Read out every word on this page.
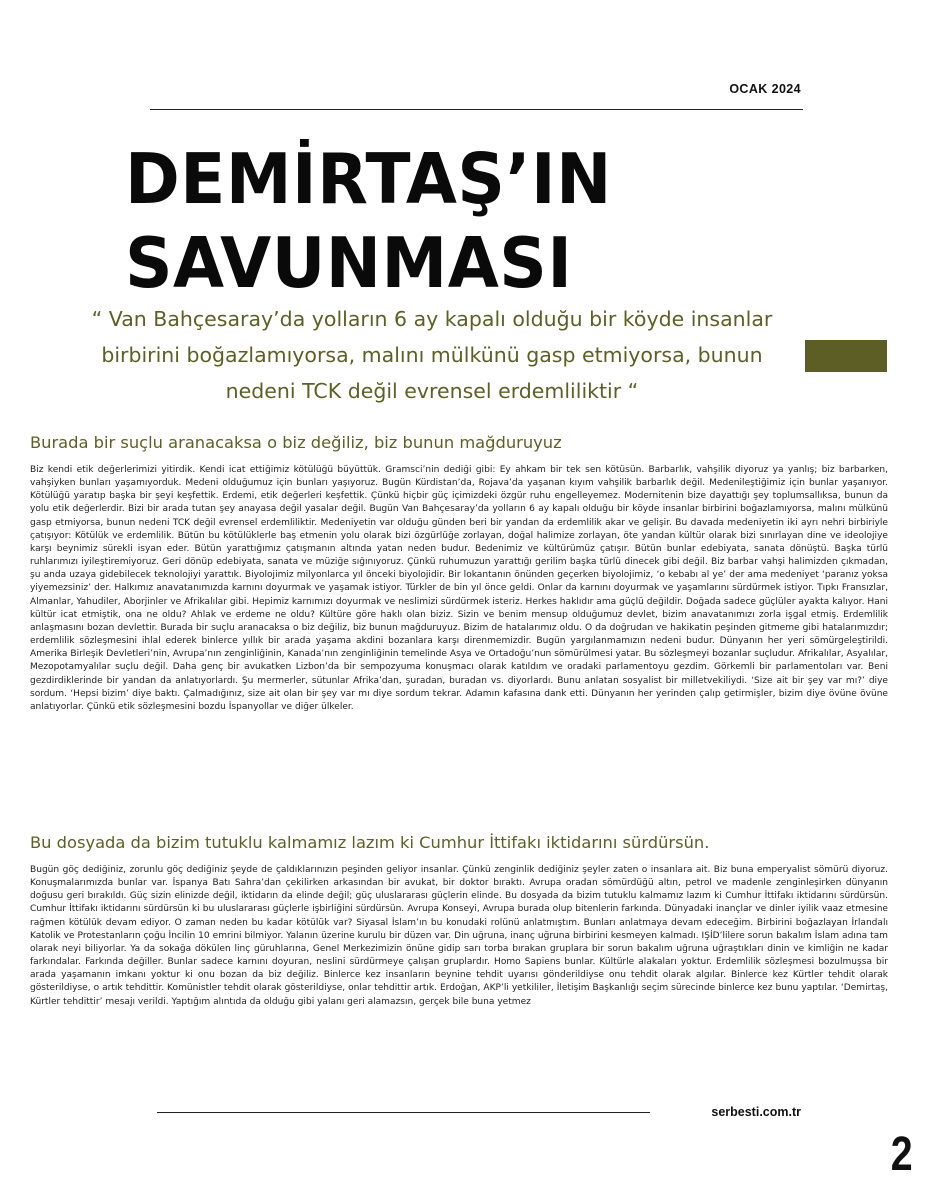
OCAK 2024
DEMİRTAŞ’IN
SAVUNMASI

“ Van Bahçesaray’da yolların 6 ay kapalı olduğu bir köyde insanlar birbirini boğazlamıyorsa, malını mülkünü gasp etmiyorsa, bunun nedeni TCK değil evrensel erdemliliktir “

Burada bir suçlu aranacaksa o biz değiliz, biz bunun mağduruyuz

Biz kendi etik değerlerimizi yitirdik. Kendi icat ettiğimiz kötülüğü büyüttük. Gramsci’nin dediği gibi: Ey ahkam bir tek sen kötüsün. Barbarlık, vahşilik diyoruz ya yanlış; biz barbarken, vahşiyken bunları yaşamıyorduk. Medeni olduğumuz için bunları yaşıyoruz. Bugün Kürdistan’da, Rojava’da yaşanan kıyım vahşilik barbarlık değil. Medenileştiğimiz için bunlar yaşanıyor. Kötülüğü yaratıp başka bir şeyi keşfettik. Erdemi, etik değerleri keşfettik. Çünkü hiçbir güç içimizdeki özgür ruhu engelleyemez. Modernitenin bize dayattığı şey toplumsallıksa, bunun da yolu etik değerlerdir. Bizi bir arada tutan şey anayasa değil yasalar değil. Bugün Van Bahçesaray’da yolların 6 ay kapalı olduğu bir köyde insanlar birbirini boğazlamıyorsa, malını mülkünü gasp etmiyorsa, bunun nedeni TCK değil evrensel erdemliliktir. Medeniyetin var olduğu günden beri bir yandan da erdemlilik akar ve gelişir. Bu davada medeniyetin iki ayrı nehri birbiriyle çatışıyor: Kötülük ve erdemlilik. Bütün bu kötülüklerle baş etmenin yolu olarak bizi özgürlüğe zorlayan, doğal halimize zorlayan, öte yandan kültür olarak bizi sınırlayan dine ve ideolojiye karşı beynimiz sürekli isyan eder. Bütün yarattığımız çatışmanın altında yatan neden budur. Bedenimiz ve kültürümüz çatışır. Bütün bunlar edebiyata, sanata dönüştü. Başka türlü ruhlarımızı iyileştiremiyoruz. Geri dönüp edebiyata, sanata ve müziğe sığınıyoruz. Çünkü ruhumuzun yarattığı gerilim başka türlü dinecek gibi değil. Biz barbar vahşi halimizden çıkmadan, şu anda uzaya gidebilecek teknolojiyi yarattık. Biyolojimiz milyonlarca yıl önceki biyolojidir. Bir lokantanın önünden geçerken biyolojimiz, ‘o kebabı al ye’ der ama medeniyet ‘paranız yoksa yiyemezsiniz’ der. Halkımız anavatanımızda karnını doyurmak ve yaşamak istiyor. Türkler de bin yıl önce geldi. Onlar da karnını doyurmak ve yaşamlarını sürdürmek istiyor. Tıpkı Fransızlar, Almanlar, Yahudiler, Aborjinler ve Afrikalılar gibi. Hepimiz karnımızı doyurmak ve neslimizi sürdürmek isteriz. Herkes haklıdır ama güçlü değildir. Doğada sadece güçlüler ayakta kalıyor. Hani kültür icat etmiştik, ona ne oldu? Ahlak ve erdeme ne oldu? Kültüre göre haklı olan biziz. Sizin ve benim mensup olduğumuz devlet, bizim anavatanımızı zorla işgal etmiş. Erdemlilik anlaşmasını bozan devlettir. Burada bir suçlu aranacaksa o biz değiliz, biz bunun mağduruyuz. Bizim de hatalarımız oldu. O da doğrudan ve hakikatin peşinden gitmeme gibi hatalarımızdır; erdemlilik sözleşmesini ihlal ederek binlerce yıllık bir arada yaşama akdini bozanlara karşı direnmemizdir. Bugün yargılanmamızın nedeni budur. Dünyanın her yeri sömürgeleştirildi. Amerika Birleşik Devletleri’nin, Avrupa’nın zenginliğinin, Kanada’nın zenginliğinin temelinde Asya ve Ortadoğu’nun sömürülmesi yatar. Bu sözleşmeyi bozanlar suçludur. Afrikalılar, Asyalılar, Mezopotamyalılar suçlu değil. Daha genç bir avukatken Lizbon’da bir sempozyuma konuşmacı olarak katıldım ve oradaki parlamentoyu gezdim. Görkemli bir parlamentoları var. Beni gezdirdiklerinde bir yandan da anlatıyorlardı. Şu mermerler, sütunlar Afrika’dan, şuradan, buradan vs. diyorlardı. Bunu anlatan sosyalist bir milletvekiliydi. ‘Size ait bir şey var mı?’ diye sordum. ‘Hepsi bizim’ diye baktı. Çalmadığınız, size ait olan bir şey var mı diye sordum tekrar. Adamın kafasına dank etti. Dünyanın her yerinden çalıp getirmişler, bizim diye övüne övüne anlatıyorlar. Çünkü etik sözleşmesini bozdu İspanyollar ve diğer ülkeler.

Bu dosyada da bizim tutuklu kalmamız lazım ki Cumhur İttifakı iktidarını sürdürsün.

Bugün göç dediğiniz, zorunlu göç dediğiniz şeyde de çaldıklarınızın peşinden geliyor insanlar. Çünkü zenginlik dediğiniz şeyler zaten o insanlara ait. Biz buna emperyalist sömürü diyoruz. Konuşmalarımızda bunlar var. İspanya Batı Sahra’dan çekilirken arkasından bir avukat, bir doktor bıraktı. Avrupa oradan sömürdüğü altın, petrol ve madenle zenginleşirken dünyanın doğusu geri bırakıldı. Güç sizin elinizde değil, iktidarın da elinde değil; güç uluslararası güçlerin elinde. Bu dosyada da bizim tutuklu kalmamız lazım ki Cumhur İttifakı iktidarını sürdürsün. Cumhur İttifakı iktidarını sürdürsün ki bu uluslararası güçlerle işbirliğini sürdürsün. Avrupa Konseyi, Avrupa burada olup bitenlerin farkında. Dünyadaki inançlar ve dinler iyilik vaaz etmesine rağmen kötülük devam ediyor. O zaman neden bu kadar kötülük var? Siyasal İslam’ın bu konudaki rolünü anlatmıştım. Bunları anlatmaya devam edeceğim. Birbirini boğazlayan İrlandalı Katolik ve Protestanların çoğu İncilin 10 emrini bilmiyor. Yalanın üzerine kurulu bir düzen var. Din uğruna, inanç uğruna birbirini kesmeyen kalmadı. IŞİD’lilere sorun bakalım İslam adına tam olarak neyi biliyorlar. Ya da sokağa dökülen linç güruhlarına, Genel Merkezimizin önüne gidip sarı torba bırakan gruplara bir sorun bakalım uğruna uğraştıkları dinin ve kimliğin ne kadar farkındalar. Farkında değiller. Bunlar sadece karnını doyuran, neslini sürdürmeye çalışan gruplardır. Homo Sapiens bunlar. Kültürle alakaları yoktur. Erdemlilik sözleşmesi bozulmuşsa bir arada yaşamanın imkanı yoktur ki onu bozan da biz değiliz. Binlerce kez insanların beynine tehdit uyarısı gönderildiyse onu tehdit olarak algılar. Binlerce kez Kürtler tehdit olarak gösterildiyse, o artık tehdittir. Komünistler tehdit olarak gösterildiyse, onlar tehdittir artık. Erdoğan, AKP’li yetkililer, İletişim Başkanlığı seçim sürecinde binlerce kez bunu yaptılar. ‘Demirtaş, Kürtler tehdittir’ mesajı verildi. Yaptığım alıntıda da olduğu gibi yalanı geri alamazsın, gerçek bile buna yetmez

serbesti.com.tr
2
